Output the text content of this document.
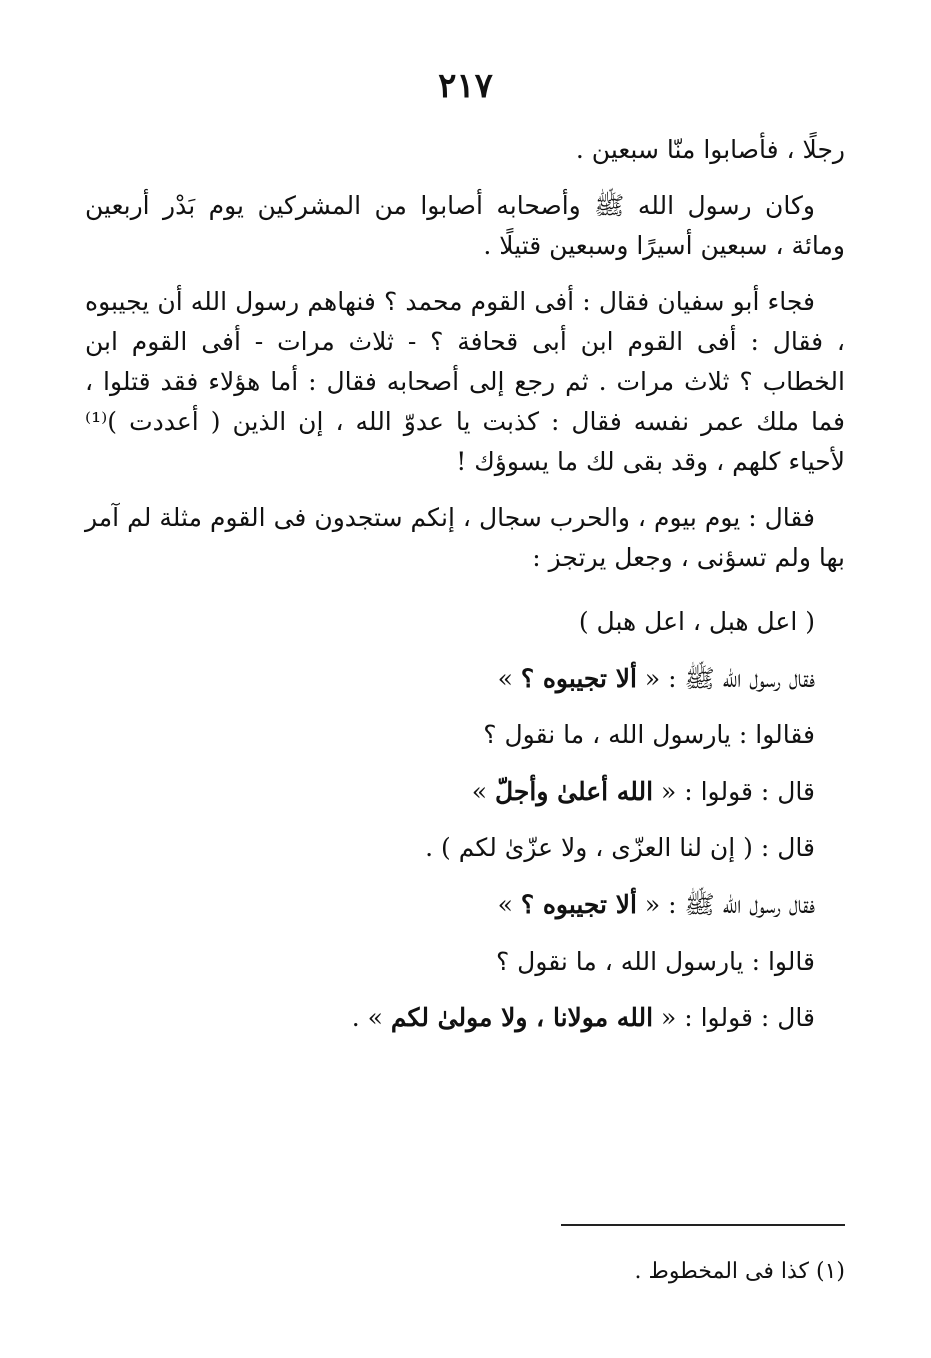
٢١٧

رجلًا ، فأصابوا منّا سبعين .

وكان رسول الله ﷺ وأصحابه أصابوا من المشركين يوم بَدْر أربعين ومائة ، سبعين أسيرًا وسبعين قتيلًا .

فجاء أبو سفيان فقال : أفى القوم محمد ؟ فنهاهم رسول الله أن يجيبوه ، فقال : أفى القوم ابن أبى قحافة ؟ - ثلاث مرات - أفى القوم ابن الخطاب ؟ ثلاث مرات . ثم رجع إلى أصحابه فقال : أما هؤلاء فقد قتلوا ، فما ملك عمر نفسه فقال : كذبت يا عدوّ الله ، إن الذين ( أعددت )⁽¹⁾ لأحياء كلهم ، وقد بقى لك ما يسوؤك !

فقال : يوم بيوم ، والحرب سجال ، إنكم ستجدون فى القوم مثلة لم آمر بها ولم تسؤنى ، وجعل يرتجز :

( اعل هبل ، اعل هبل )

فقال رسول الله ﷺ : « ألا تجيبوه ؟ »

فقالوا : يارسول الله ، ما نقول ؟

قال : قولوا : « الله أعلىٰ وأجلّ »

قال : ( إن لنا العزّى ، ولا عزّىٰ لكم ) .

فقال رسول الله ﷺ : « ألا تجيبوه ؟ »

قالوا : يارسول الله ، ما نقول ؟

قال : قولوا : « الله مولانا ، ولا مولىٰ لكم » .

(١) كذا فى المخطوط .
